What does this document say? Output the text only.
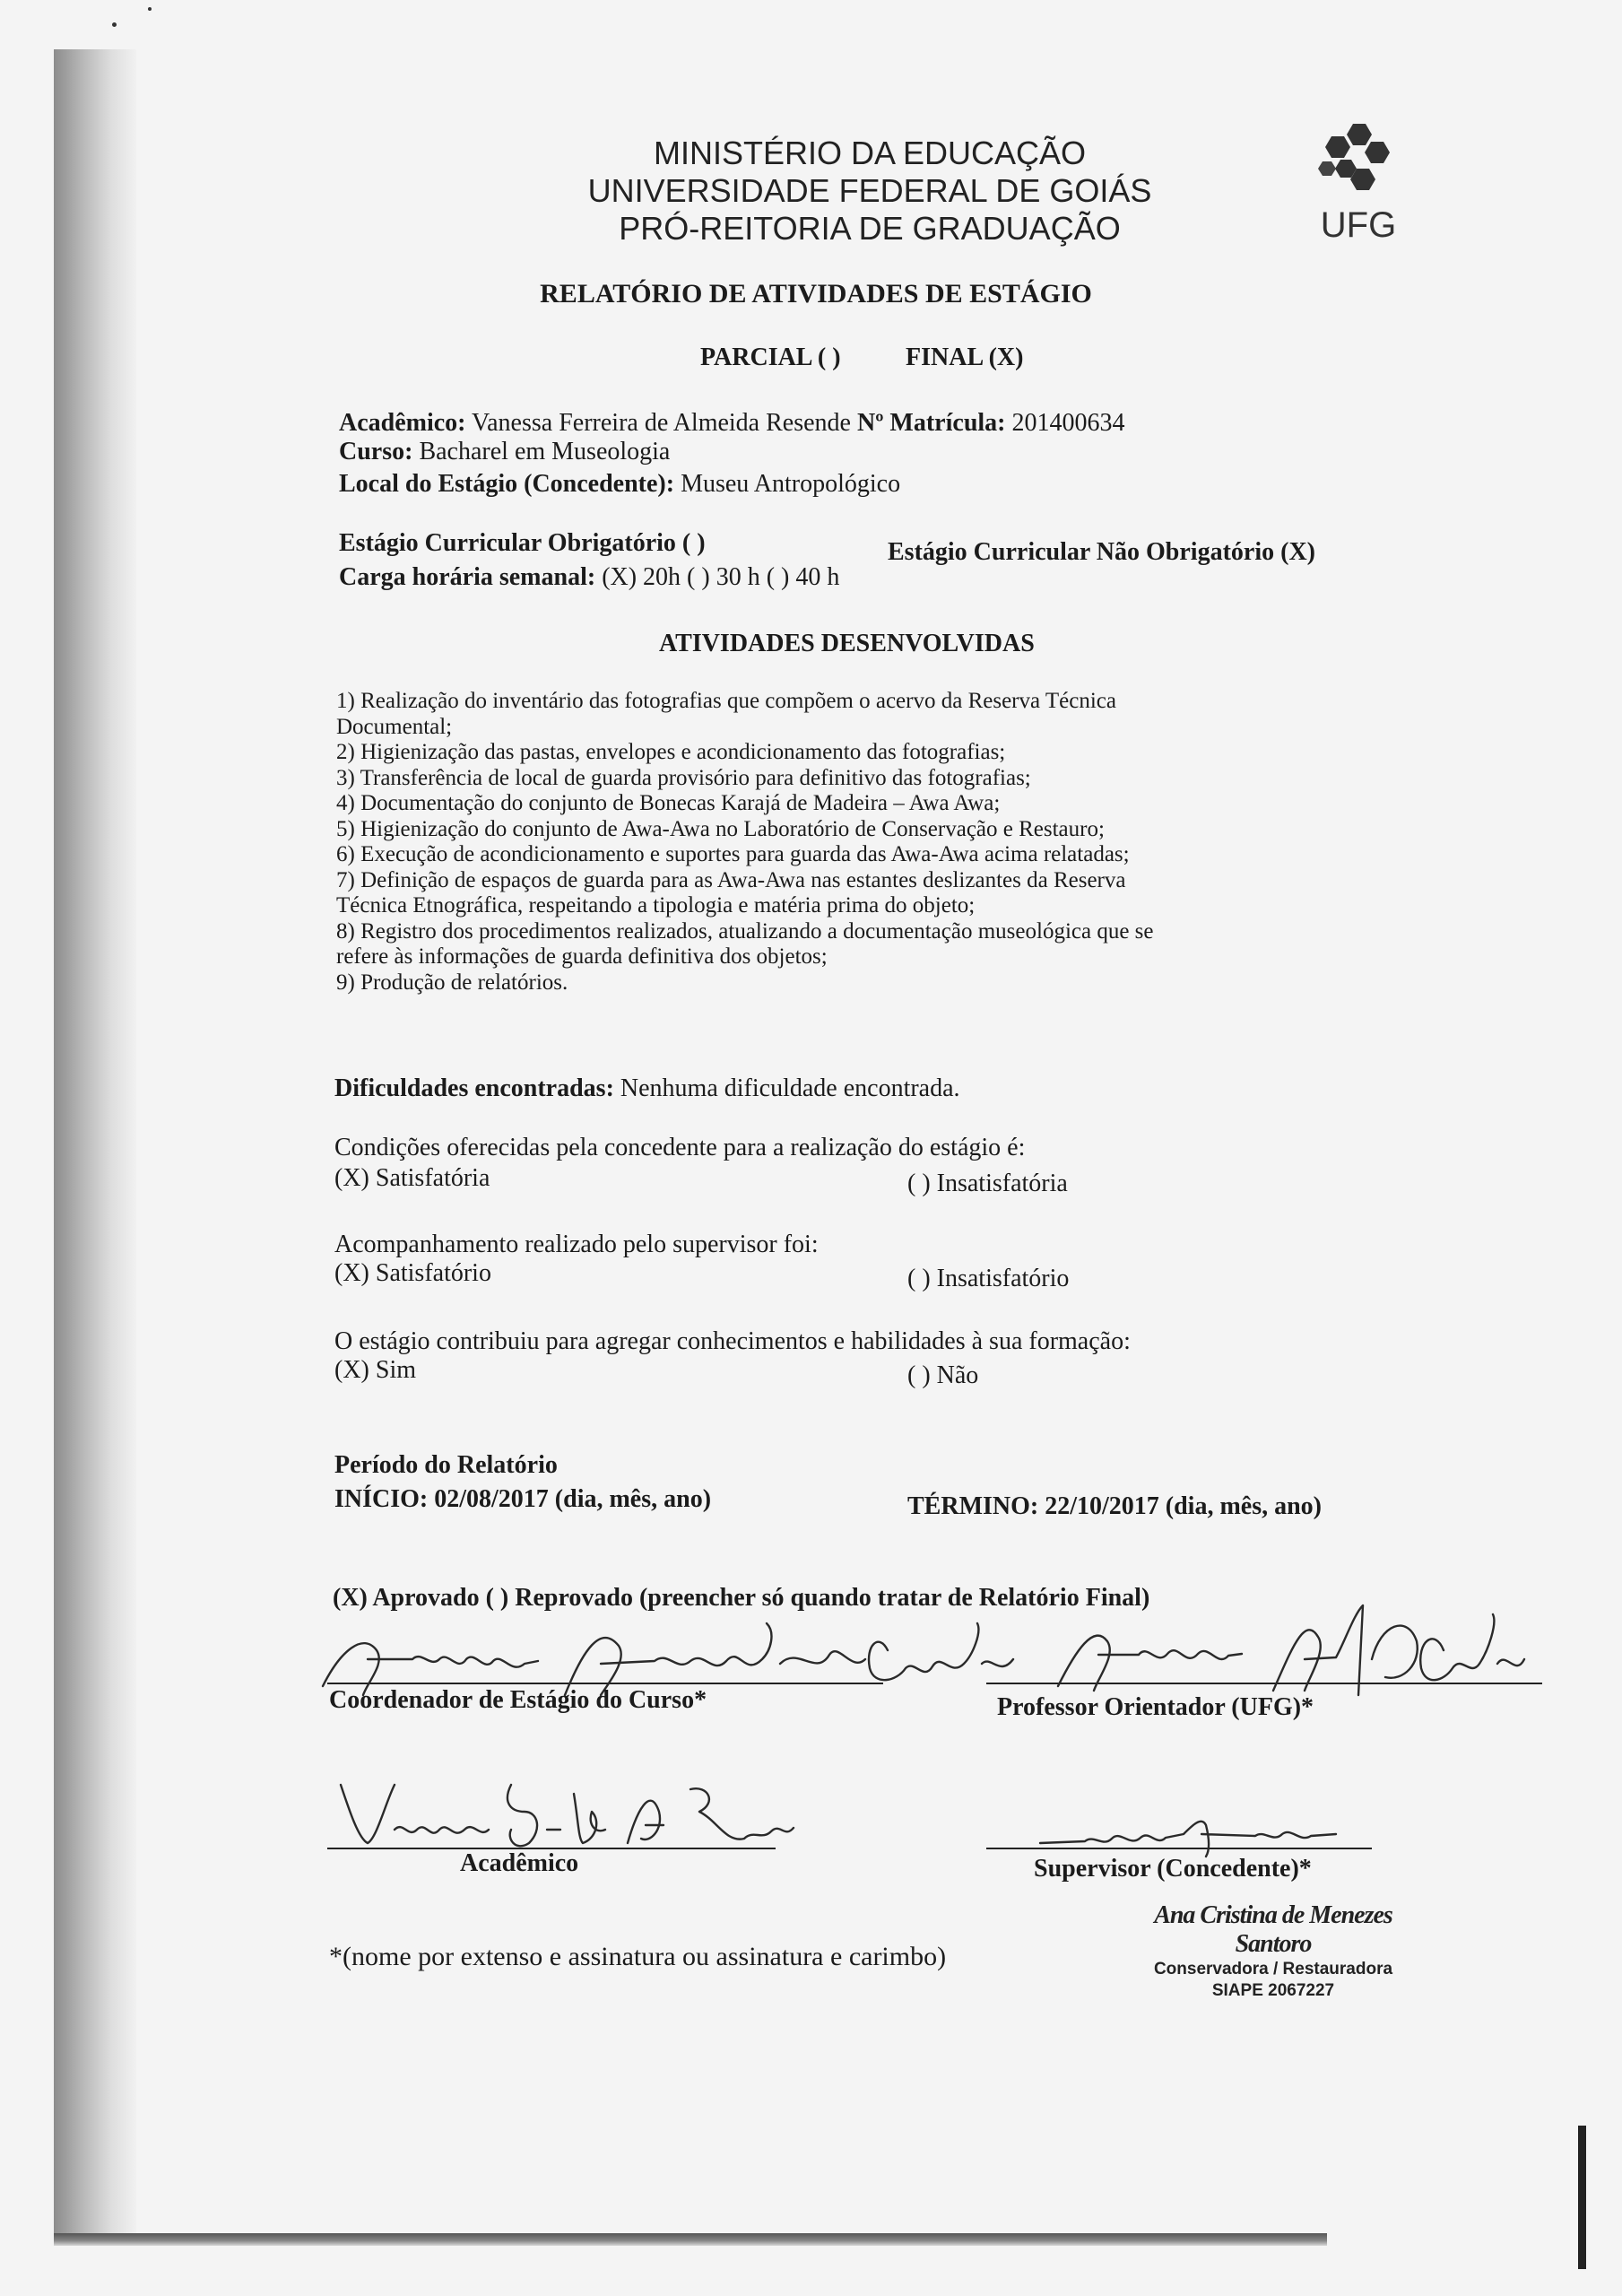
MINISTÉRIO DA EDUCAÇÃO
UNIVERSIDADE FEDERAL DE GOIÁS
PRÓ-REITORIA DE GRADUAÇÃO	UFG
RELATÓRIO DE ATIVIDADES DE ESTÁGIO
PARCIAL ( )	FINAL (X)
Acadêmico: Vanessa Ferreira de Almeida Resende Nº Matrícula: 201400634
Curso: Bacharel em Museologia
Local do Estágio (Concedente): Museu Antropológico
Estágio Curricular Obrigatório ( )	Estágio Curricular Não Obrigatório (X)
Carga horária semanal: (X) 20h ( ) 30 h ( ) 40 h
ATIVIDADES DESENVOLVIDAS
1) Realização do inventário das fotografias que compõem o acervo da Reserva Técnica
Documental;
2) Higienização das pastas, envelopes e acondicionamento das fotografias;
3) Transferência de local de guarda provisório para definitivo das fotografias;
4) Documentação do conjunto de Bonecas Karajá de Madeira – Awa Awa;
5) Higienização do conjunto de Awa-Awa no Laboratório de Conservação e Restauro;
6) Execução de acondicionamento e suportes para guarda das Awa-Awa acima relatadas;
7) Definição de espaços de guarda para as Awa-Awa nas estantes deslizantes da Reserva
Técnica Etnográfica, respeitando a tipologia e matéria prima do objeto;
8) Registro dos procedimentos realizados, atualizando a documentação museológica que se
refere às informações de guarda definitiva dos objetos;
9) Produção de relatórios.
Dificuldades encontradas: Nenhuma dificuldade encontrada.
Condições oferecidas pela concedente para a realização do estágio é:
(X) Satisfatória	( ) Insatisfatória
Acompanhamento realizado pelo supervisor foi:
(X) Satisfatório	( ) Insatisfatório
O estágio contribuiu para agregar conhecimentos e habilidades à sua formação:
(X) Sim	( ) Não
Período do Relatório
INÍCIO: 02/08/2017 (dia, mês, ano)	TÉRMINO: 22/10/2017 (dia, mês, ano)
(X) Aprovado ( ) Reprovado (preencher só quando tratar de Relatório Final)
Coordenador de Estágio do Curso*	Professor Orientador (UFG)*
Acadêmico	Supervisor (Concedente)*
Ana Cristina de Menezes Santoro
Conservadora / Restauradora
SIAPE 2067227
*(nome por extenso e assinatura ou assinatura e carimbo)
